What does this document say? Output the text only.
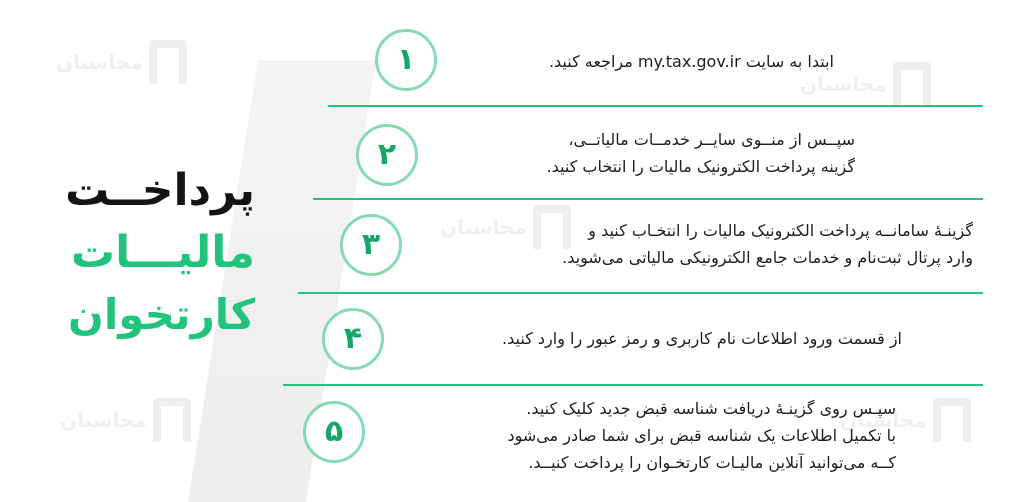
محاسبان
محاسبان
محاسبان
محاسبان	محاسبان
پرداخــت
مالیـــات
کارتخوان
۱	ابتدا به سایت my.tax.gov.ir مراجعه کنید.
۲	سپــس از منــوی سایــر خدمــات مالیاتــی،
گزینه پرداخت الکترونیک مالیات را انتخاب کنید.
۳	گزینـۀ سامانــه پرداخت الکترونیک مالیات را انتخـاب کنید و
وارد پرتال ثبت‌نام و خدمات جامع الکترونیکی مالیاتی می‌شوید.
۴	از قسمت ورود اطلاعات نام کاربری و رمز عبور را وارد کنید.
۵
سپـس روی گزینـۀ دریافت شناسه قبض جدید کلیک کنید.
با تکمیل اطلاعات یک شناسه قبض برای شما صادر می‌شود
کــه می‌توانید آنلاین مالیـات کارتخـوان را پرداخت کنیــد.
